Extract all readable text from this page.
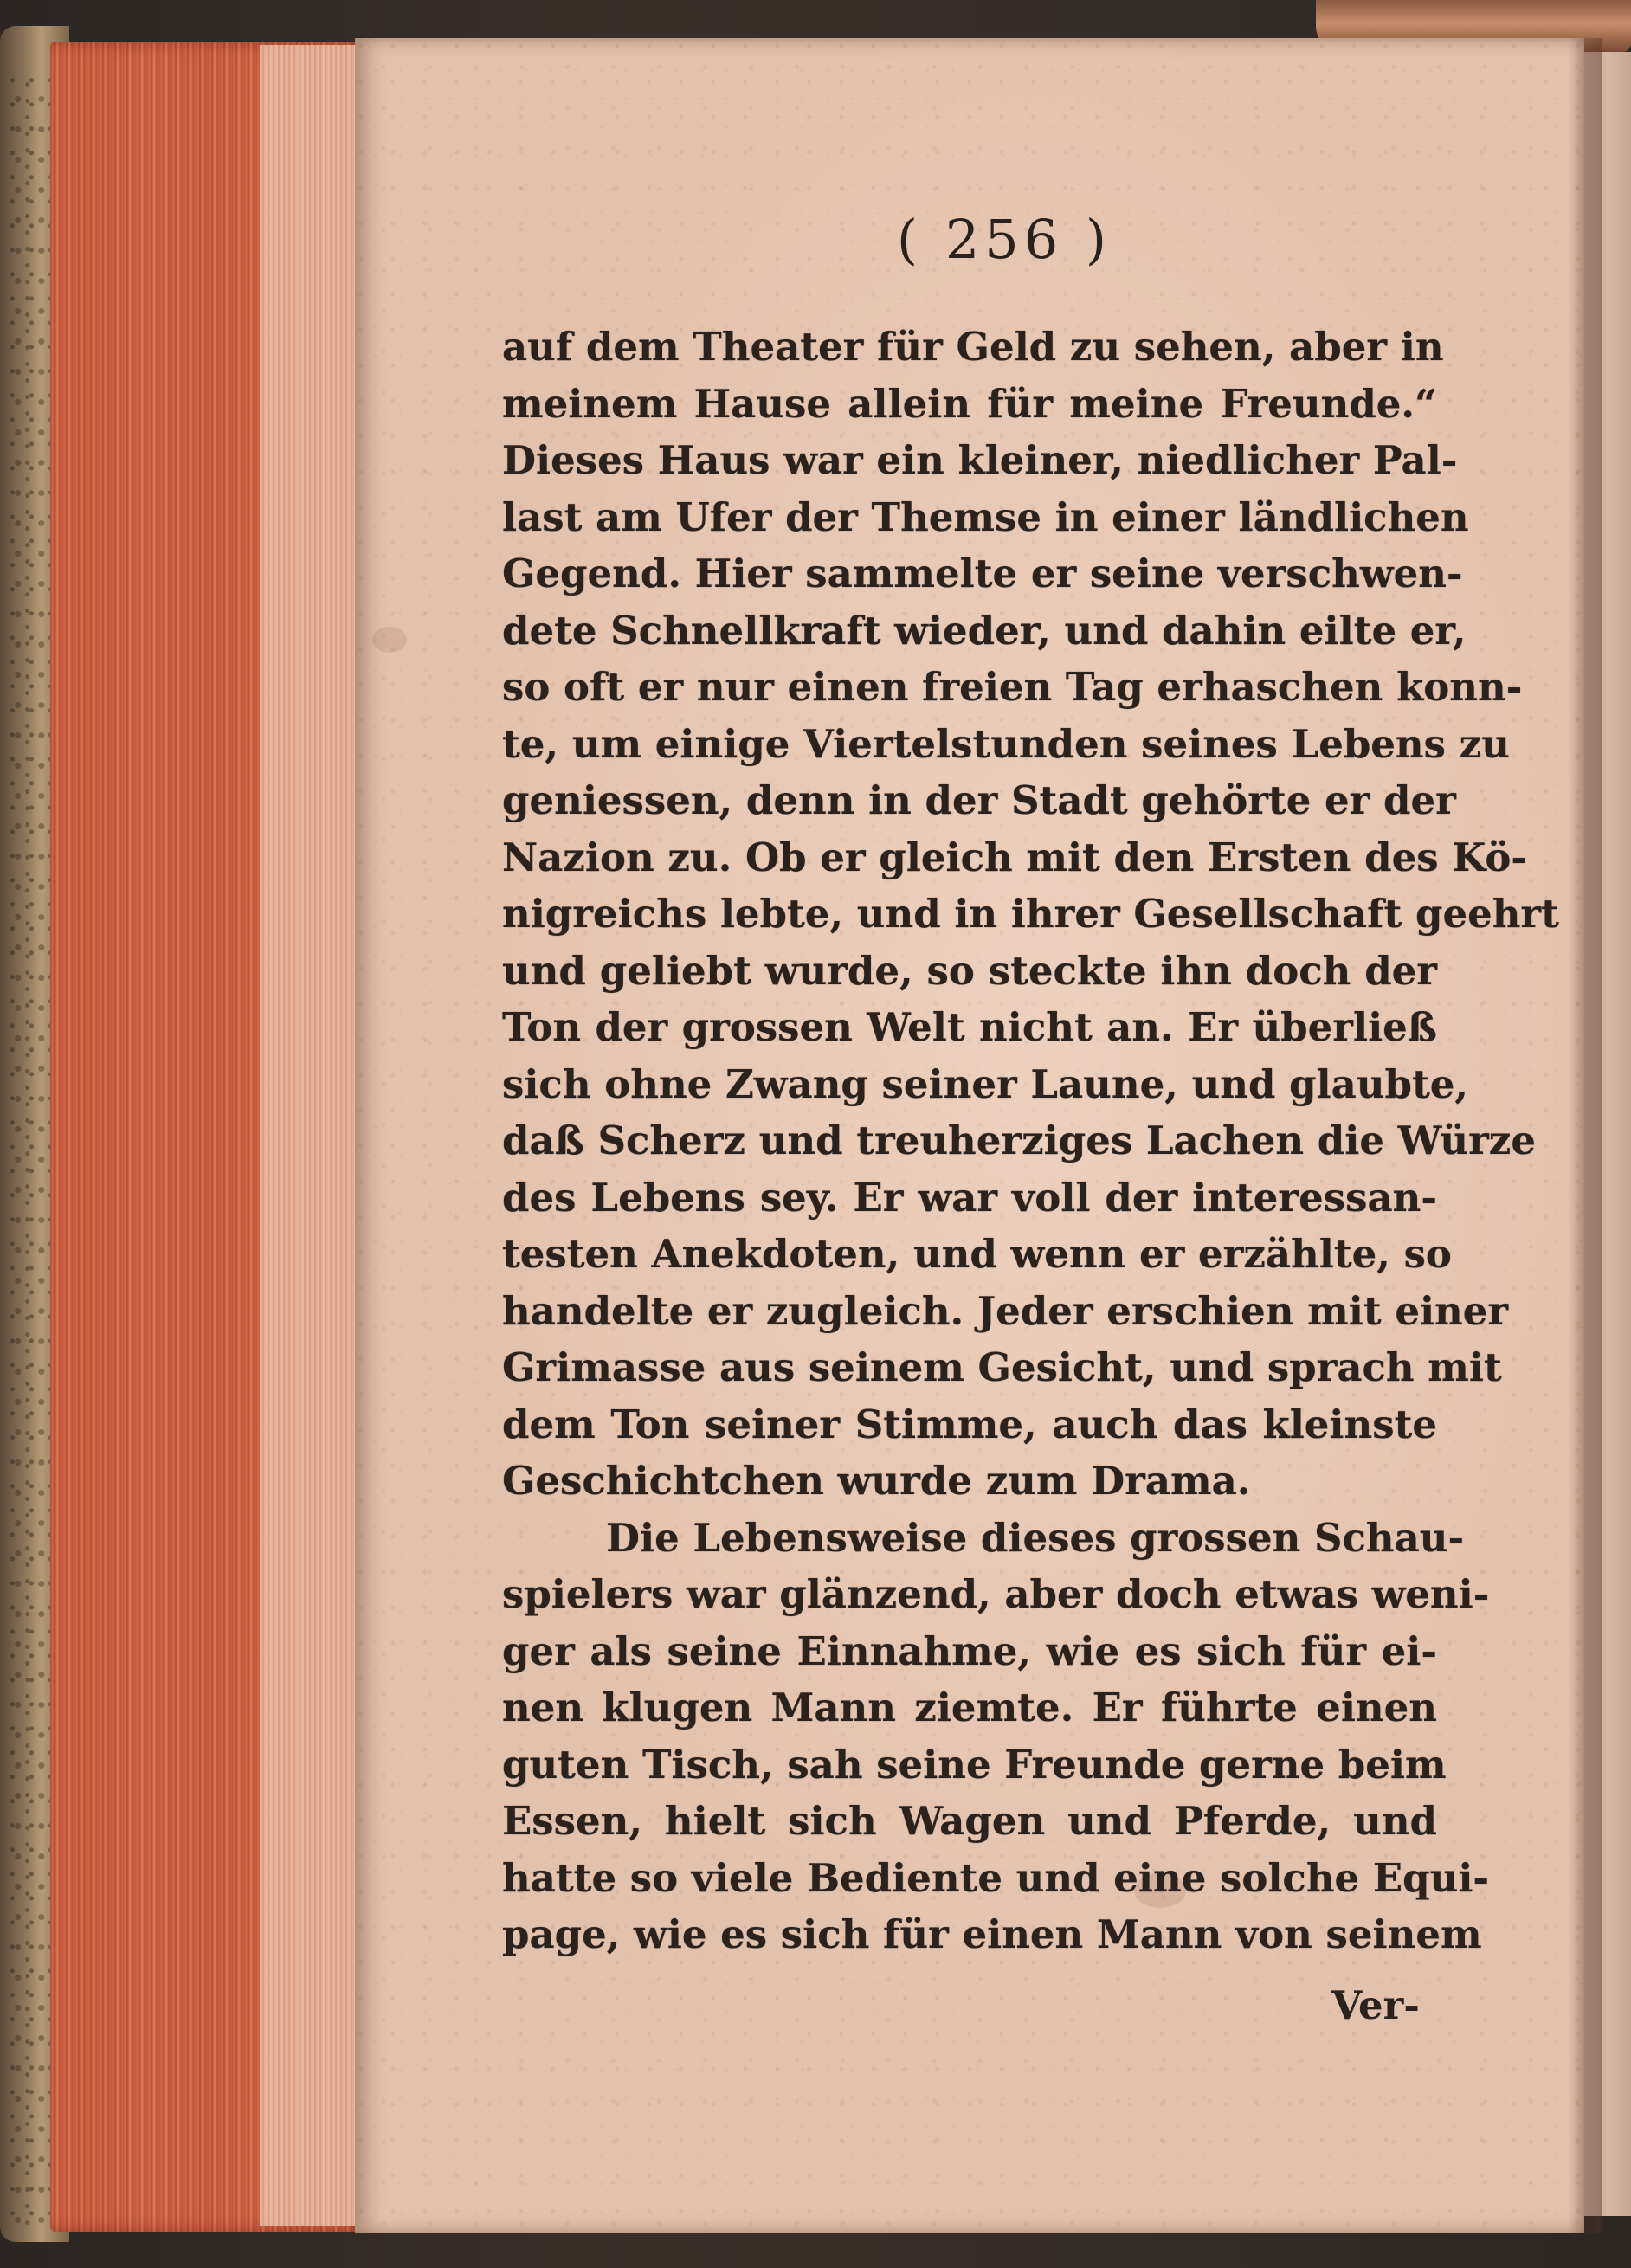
( 256 )
auf dem Theater für Geld zu sehen, aber in
meinem Hause allein für meine Freunde.“
Dieses Haus war ein kleiner, niedlicher Pal-
last am Ufer der Themse in einer ländlichen
Gegend. Hier sammelte er seine verschwen-
dete Schnellkraft wieder, und dahin eilte er,
so oft er nur einen freien Tag erhaschen konn-
te, um einige Viertelstunden seines Lebens zu
geniessen, denn in der Stadt gehörte er der
Nazion zu. Ob er gleich mit den Ersten des Kö-
nigreichs lebte, und in ihrer Gesellschaft geehrt
und geliebt wurde, so steckte ihn doch der
Ton der grossen Welt nicht an. Er überließ
sich ohne Zwang seiner Laune, und glaubte,
daß Scherz und treuherziges Lachen die Würze
des Lebens sey. Er war voll der interessan-
testen Anekdoten, und wenn er erzählte, so
handelte er zugleich. Jeder erschien mit einer
Grimasse aus seinem Gesicht, und sprach mit
dem Ton seiner Stimme, auch das kleinste
Geschichtchen wurde zum Drama.
Die Lebensweise dieses grossen Schau-
spielers war glänzend, aber doch etwas weni-
ger als seine Einnahme, wie es sich für ei-
nen klugen Mann ziemte. Er führte einen
guten Tisch, sah seine Freunde gerne beim
Essen, hielt sich Wagen und Pferde, und
hatte so viele Bediente und eine solche Equi-
page, wie es sich für einen Mann von seinem
Ver-
